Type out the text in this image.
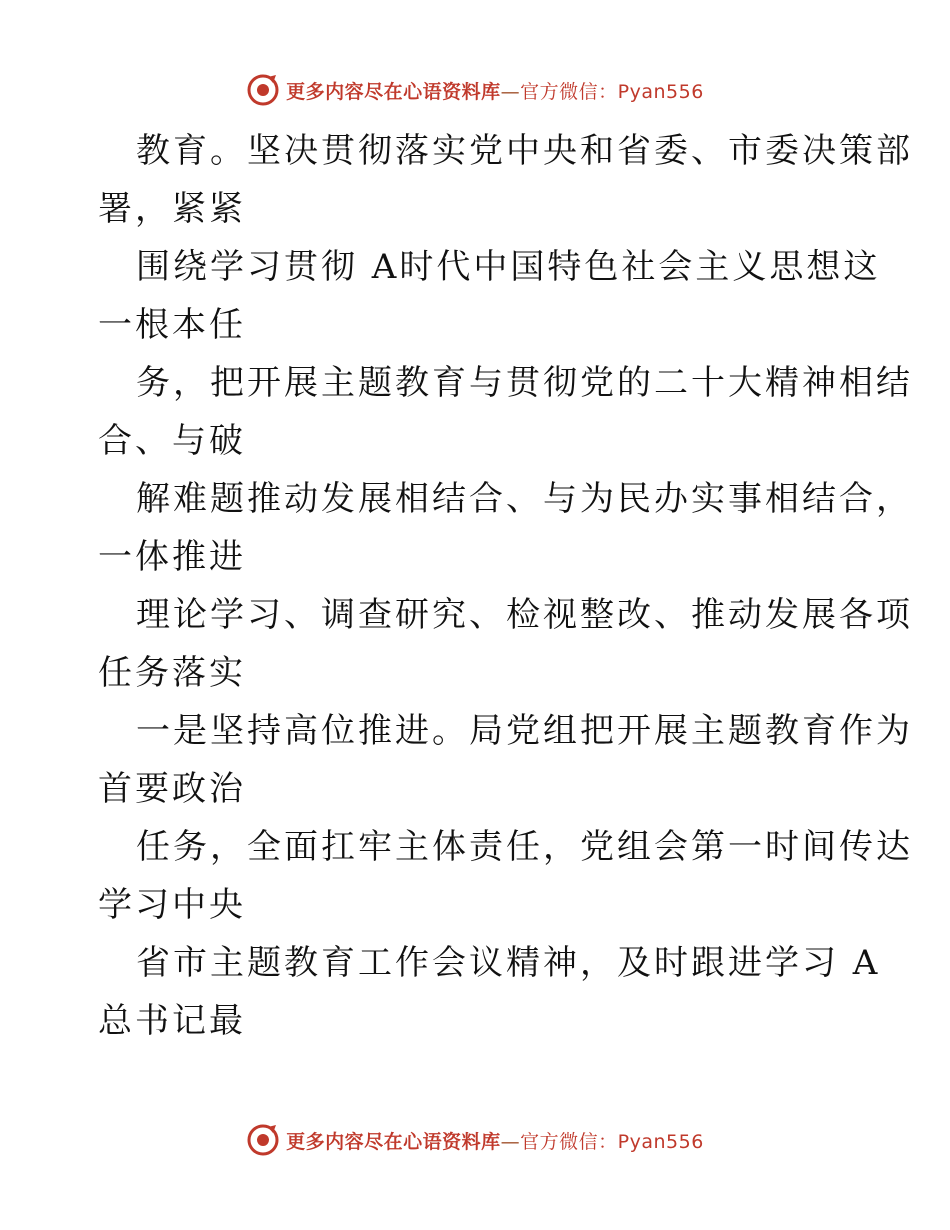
更多内容尽在心语资料库—官方微信：Pyan556

教育。坚决贯彻落实党中央和省委、市委决策部
署，紧紧

围绕学习贯彻 A时代中国特色社会主义思想这
一根本任

务，把开展主题教育与贯彻党的二十大精神相结
合、与破

解难题推动发展相结合、与为民办实事相结合，
一体推进

理论学习、调查研究、检视整改、推动发展各项
任务落实

一是坚持高位推进。局党组把开展主题教育作为
首要政治

任务，全面扛牢主体责任，党组会第一时间传达
学习中央

省市主题教育工作会议精神，及时跟进学习 A
总书记最

更多内容尽在心语资料库—官方微信：Pyan556
